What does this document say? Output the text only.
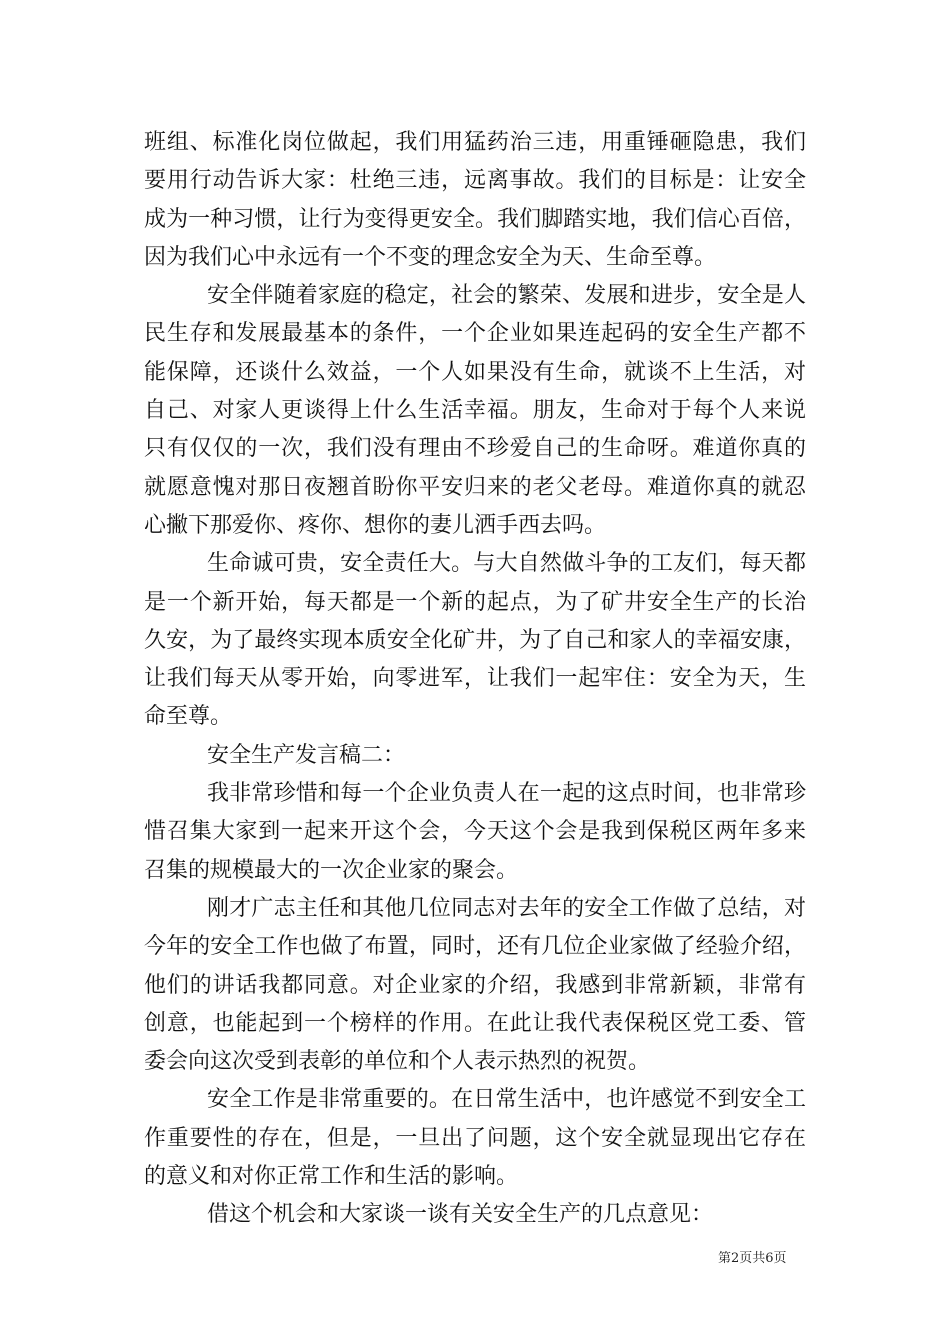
班组、标准化岗位做起，我们用猛药治三违，用重锤砸隐患，我们
要用行动告诉大家：杜绝三违，远离事故。我们的目标是：让安全
成为一种习惯，让行为变得更安全。我们脚踏实地，我们信心百倍，
因为我们心中永远有一个不变的理念安全为天、生命至尊。
安全伴随着家庭的稳定，社会的繁荣、发展和进步，安全是人
民生存和发展最基本的条件，一个企业如果连起码的安全生产都不
能保障，还谈什么效益，一个人如果没有生命，就谈不上生活，对
自己、对家人更谈得上什么生活幸福。朋友，生命对于每个人来说
只有仅仅的一次，我们没有理由不珍爱自己的生命呀。难道你真的
就愿意愧对那日夜翘首盼你平安归来的老父老母。难道你真的就忍
心撇下那爱你、疼你、想你的妻儿洒手西去吗。
生命诚可贵，安全责任大。与大自然做斗争的工友们，每天都
是一个新开始，每天都是一个新的起点，为了矿井安全生产的长治
久安，为了最终实现本质安全化矿井，为了自己和家人的幸福安康，
让我们每天从零开始，向零进军，让我们一起牢住：安全为天，生
命至尊。
安全生产发言稿二：
我非常珍惜和每一个企业负责人在一起的这点时间，也非常珍
惜召集大家到一起来开这个会，今天这个会是我到保税区两年多来
召集的规模最大的一次企业家的聚会。
刚才广志主任和其他几位同志对去年的安全工作做了总结，对
今年的安全工作也做了布置，同时，还有几位企业家做了经验介绍，
他们的讲话我都同意。对企业家的介绍，我感到非常新颖，非常有
创意，也能起到一个榜样的作用。在此让我代表保税区党工委、管
委会向这次受到表彰的单位和个人表示热烈的祝贺。
安全工作是非常重要的。在日常生活中，也许感觉不到安全工
作重要性的存在，但是，一旦出了问题，这个安全就显现出它存在
的意义和对你正常工作和生活的影响。
借这个机会和大家谈一谈有关安全生产的几点意见：
第2页共6页
